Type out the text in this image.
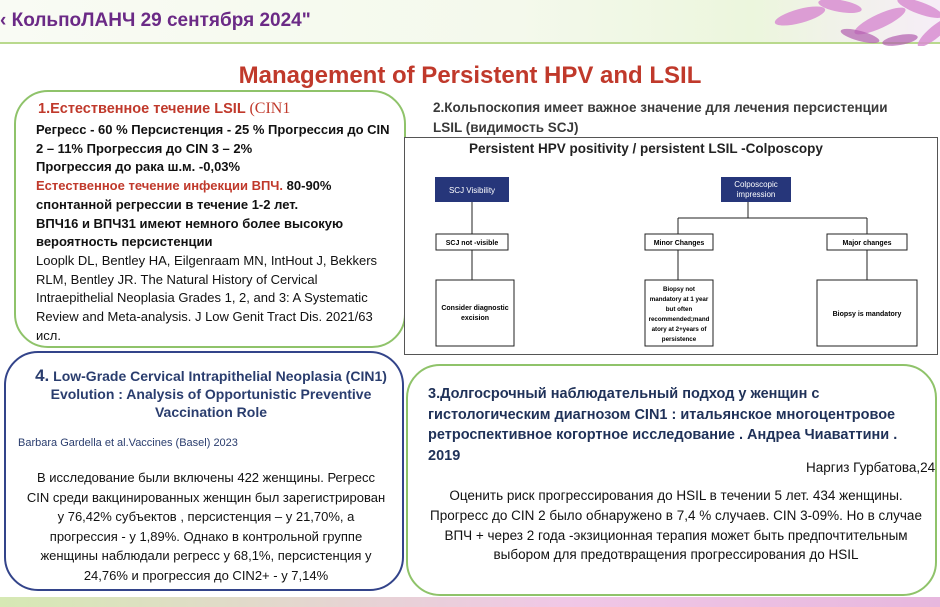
‹ КольпоЛАНЧ 29 сентября 2024"
Management of Persistent HPV and LSIL
1.Естественное течение LSIL (CIN1
Регресс - 60 % Персистенция - 25 % Прогрессия до CIN 2 – 11% Прогрессия до CIN 3 – 2%
Прогрессия до рака ш.м. -0,03%
Естественное течение инфекции ВПЧ. 80-90% спонтанной регрессии в течение 1-2 лет.
ВПЧ16 и ВПЧ31 имеют немного более высокую вероятность персистенции
Looplk DL, Bentley HA, Eilgenraam MN, IntHout J, Bekkers RLM, Bentley JR. The Natural History of Cervical Intraepithelial Neoplasia Grades 1, 2, and 3: A Systematic Review and Meta-analysis. J Low Genit Tract Dis. 2021/63 исл.
2.Кольпоскопия имеет важное значение для лечения персистенции LSIL (видимость SCJ)
Persistent HPV positivity / persistent LSIL -Colposcopy
SCJ Visibility
Colposcopic
impression
SCJ not -visible	Minor Changes	Major changes
Consider diagnostic
excision
Biopsy not
mandatory at 1 year
but often
recommended;mand
atory at 2+years of
persistence
Biopsy is mandatory
4. Low-Grade Cervical Intrapithelial Neoplasia (CIN1) Evolution : Analysis of Opportunistic Preventive Vaccination Role
Barbara Gardella et al.Vaccines (Basel) 2023
В исследование были включены 422 женщины. Регресс CIN среди вакцинированных женщин был зарегистрирован у 76,42% субъектов , персистенция – у 21,70%, а прогрессия - у 1,89%. Однако в контрольной группе женщины наблюдали регресс у 68,1%, персистенция у 24,76% и прогрессия до CIN2+ - у 7,14%
3.Долгосрочный наблюдательный подход у женщин с гистологическим диагнозом CIN1 : итальянское многоцентровое ретроспективное когортное исследование . Андреа Чиаваттини . 2019
Наргиз Гурбатова,24
Оценить риск прогрессирования до HSIL в течении 5 лет. 434 женщины. Прогресс до CIN 2 было обнаружено в 7,4 % случаев. CIN 3-09%. Но в случае ВПЧ + через 2 года -экзиционная терапия может быть предпочтительным выбором для предотвращения прогрессирования до HSIL
